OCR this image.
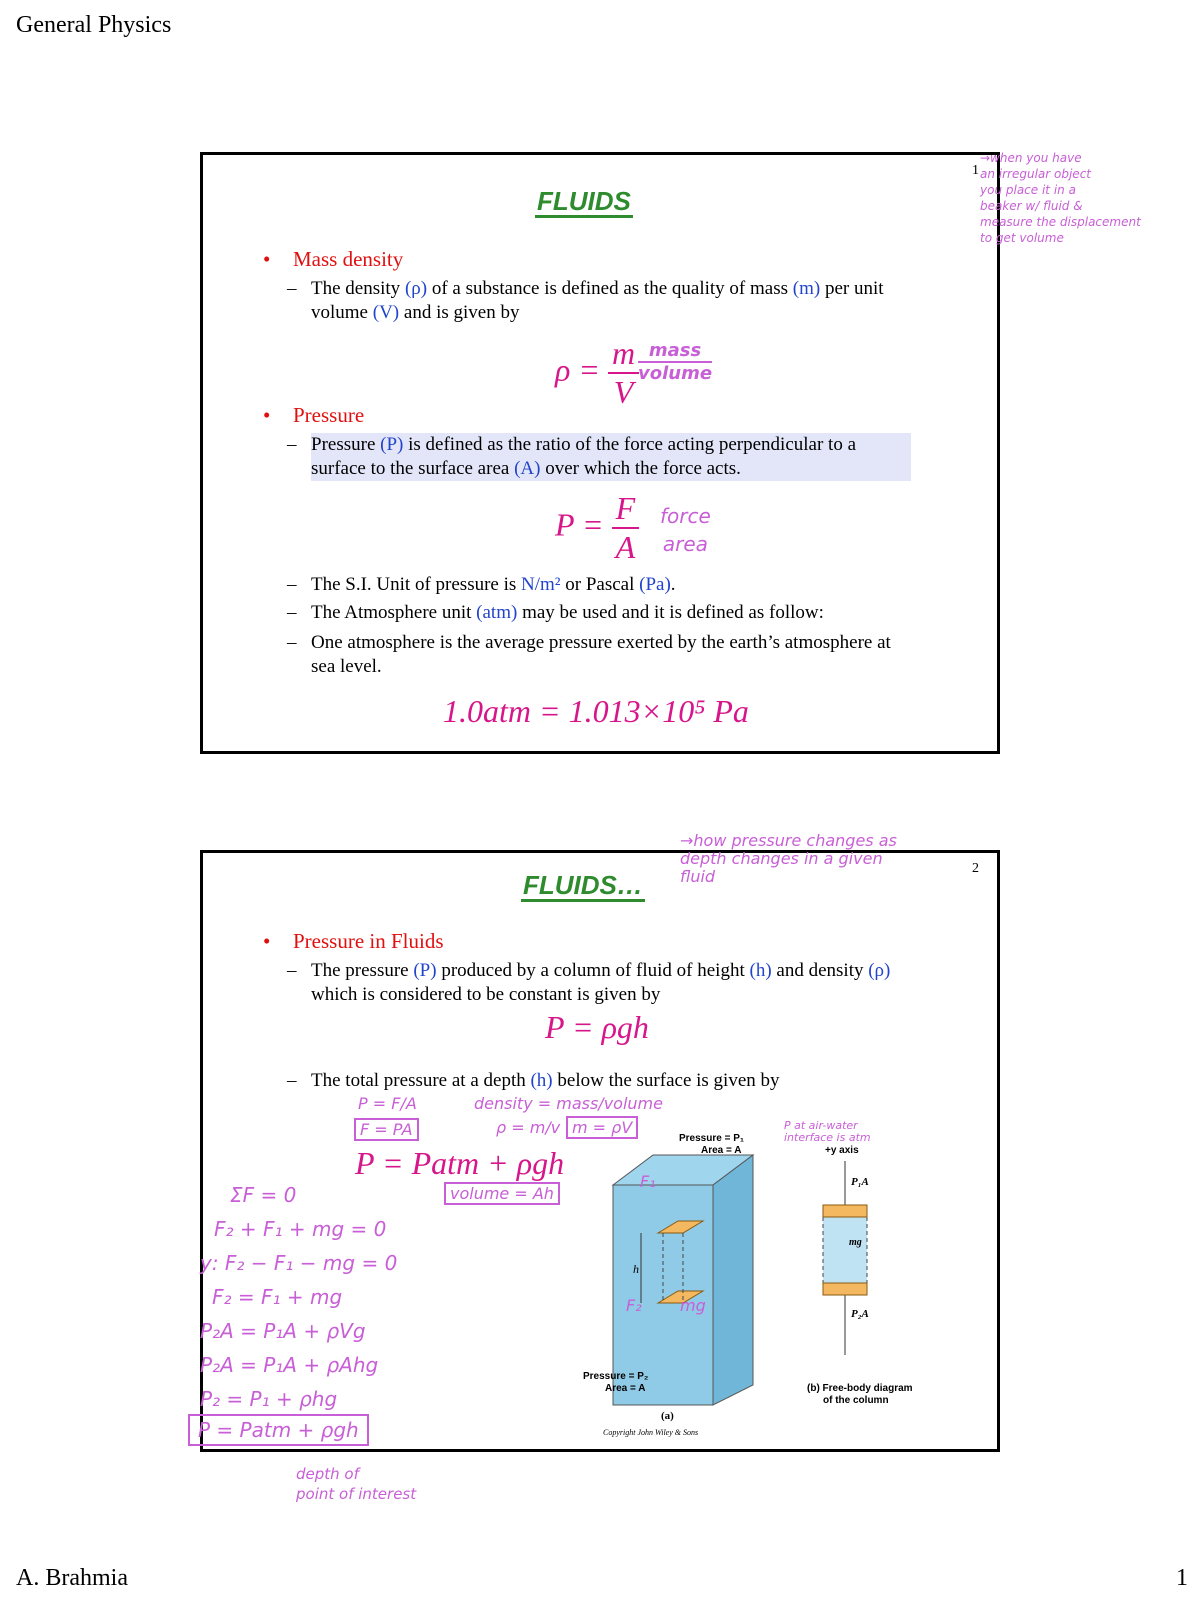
General Physics
A. Brahmia	1
1
FLUIDS
• Mass density
– The density (ρ) of a substance is defined as the quality of mass (m) per unit volume (V) and is given by
$\rho = \frac{m}{V}$
• Pressure
– Pressure (P) is defined as the ratio of the force acting perpendicular to a surface to the surface area (A) over which the force acts.
$P = \frac{F}{A}$
– The S.I. Unit of pressure is N/m² or Pascal (Pa).
– The Atmosphere unit (atm) may be used and it is defined as follow:
– One atmosphere is the average pressure exerted by the earth’s atmosphere at sea level.
1.0atm = 1.013×10⁵ Pa
2
FLUIDS…
• Pressure in Fluids
– The pressure (P) produced by a column of fluid of height (h) and density (ρ) which is considered to be constant is given by
P = ρgh
– The total pressure at a depth (h) below the surface is given by
P = Patm + ρgh
h
Pressure = P₁
Area = A
Pressure = P₂
Area = A
(a)
Copyright John Wiley & Sons
+y axis
P₁A
mg
P₂A
(b) Free-body diagram
of the column
→when you have
an irregular object
you place it in a
beaker w/ fluid &
measure the displacement
to get volume
mass
volume
force
area
→how pressure changes as
depth changes in a given
fluid
P = F/A
F = PA
density = mass/volume
ρ = m/v m = ρV
volume = Ah
P at air-water
interface is atm
ΣF = 0
F₂ + F₁ + mg = 0
y: F₂ − F₁ − mg = 0
F₂ = F₁ + mg
P₂A = P₁A + ρVg
P₂A = P₁A + ρAhg
P₂ = P₁ + ρhg
P = Patm + ρgh
depth of
point of interest
F₁
F₂ mg
